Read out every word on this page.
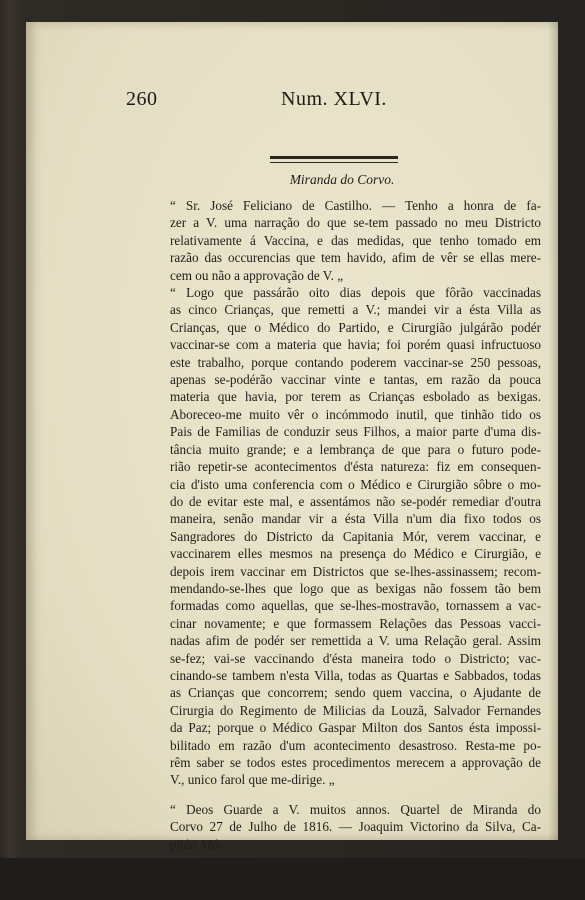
260	Num. XLVI.
Miranda do Corvo.

“ Sr. José Feliciano de Castilho. — Tenho a honra de fa-
zer a V. uma narração do que se-tem passado no meu Districto
relativamente á Vaccina, e das medidas, que tenho tomado em
razão das occurencias que tem havido, afim de vêr se ellas mere-
cem ou não a approvação de V. „

“ Logo que passárão oito dias depois que fôrão vaccinadas
as cinco Crianças, que remetti a V.; mandei vir a ésta Villa as
Crianças, que o Médico do Partido, e Cirurgião julgárão podér
vaccinar-se com a materia que havia; foi porém quasi infructuoso
este trabalho, porque contando poderem vaccinar-se 250 pessoas,
apenas se-podérão vaccinar vinte e tantas, em razão da pouca
materia que havia, por terem as Crianças esbolado as bexigas.
Aboreceo-me muito vêr o incómmodo inutil, que tinhão tido os
Pais de Familias de conduzir seus Filhos, a maior parte d'uma dis-
tância muito grande; e a lembrança de que para o futuro pode-
rião repetir-se acontecimentos d'ésta natureza: fiz em consequen-
cia d'isto uma conferencia com o Médico e Cirurgião sôbre o mo-
do de evitar este mal, e assentámos não se-podér remediar d'outra
maneira, senão mandar vir a ésta Villa n'um dia fixo todos os
Sangradores do Districto da Capitania Mór, verem vaccinar, e
vaccinarem elles mesmos na presença do Médico e Cirurgião, e
depois irem vaccinar em Districtos que se-lhes-assinassem; recom-
mendando-se-lhes que logo que as bexigas não fossem tão bem
formadas como aquellas, que se-lhes-mostravão, tornassem a vac-
cinar novamente; e que formassem Relações das Pessoas vacci-
nadas afim de podér ser remettida a V. uma Relação geral. Assim
se-fez; vai-se vaccinando d'ésta maneira todo o Districto; vac-
cinando-se tambem n'esta Villa, todas as Quartas e Sabbados, todas
as Crianças que concorrem; sendo quem vaccina, o Ajudante de
Cirurgia do Regimento de Milicias da Louzã, Salvador Fernandes
da Paz; porque o Médico Gaspar Milton dos Santos ésta impossi-
bilitado em razão d'um acontecimento desastroso. Resta-me po-
rêm saber se todos estes procedimentos merecem a approvação de
V., unico farol que me-dirige. „

“ Deos Guarde a V. muitos annos. Quartel de Miranda do
Corvo 27 de Julho de 1816. — Joaquim Victorino da Silva, Ca-
pitão Mór. „

“ Sr. Joaquim Victorino da Silva. — Em resposta á Carta
que recebi de V. com data de 27 do mez passado tenho que dizer-
